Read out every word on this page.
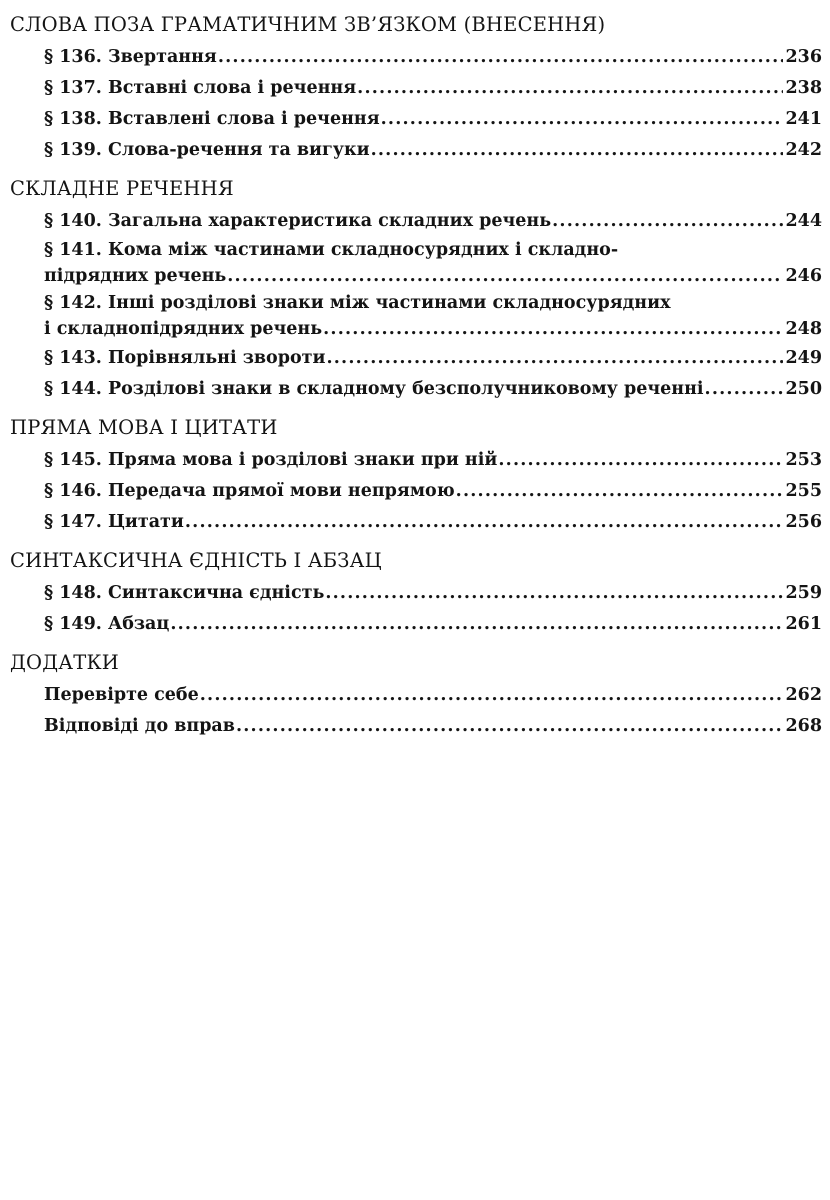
СЛОВА ПОЗА ГРАМАТИЧНИМ ЗВ’ЯЗКОМ (ВНЕСЕННЯ)
§ 136. Звертання .....	236
§ 137. Вставні слова і речення .....	238
§ 138. Вставлені слова і речення .....	241
§ 139. Слова-речення та вигуки .....	242
СКЛАДНЕ РЕЧЕННЯ
§ 140. Загальна характеристика складних речень .....	244
§ 141. Кома між частинами складносурядних і складно-
підрядних речень .....	246
§ 142. Інші розділові знаки між частинами складносурядних
і складнопідрядних речень .....	248
§ 143. Порівняльні звороти .....	249
§ 144. Розділові знаки в складному безсполучниковому реченні .....	250
ПРЯМА МОВА І ЦИТАТИ
§ 145. Пряма мова і розділові знаки при ній .....	253
§ 146. Передача прямої мови непрямою .....	255
§ 147. Цитати .....	256
СИНТАКСИЧНА ЄДНІСТЬ І АБЗАЦ
§ 148. Синтаксична єдність .....	259
§ 149. Абзац .....	261
ДОДАТКИ
Перевірте себе .....	262
Відповіді до вправ .....	268
